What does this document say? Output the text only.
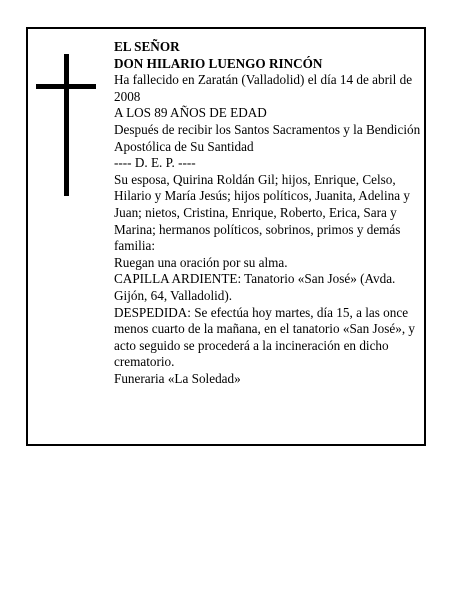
EL SEÑOR

DON HILARIO LUENGO RINCÓN

Ha fallecido en Zaratán (Valladolid) el día 14 de abril de 2008

A LOS 89 AÑOS DE EDAD

Después de recibir los Santos Sacramentos y la Bendición Apostólica de Su Santidad

---- D. E. P. ----

Su esposa, Quirina Roldán Gil; hijos, Enrique, Celso, Hilario y María Jesús; hijos políticos, Juanita, Adelina y Juan; nietos, Cristina, Enrique, Roberto, Erica, Sara y Marina; hermanos políticos, sobrinos, primos y demás familia:

Ruegan una oración por su alma.

CAPILLA ARDIENTE: Tanatorio «San José» (Avda. Gijón, 64, Valladolid).

DESPEDIDA: Se efectúa hoy martes, día 15, a las once menos cuarto de la mañana, en el tanatorio «San José», y acto seguido se procederá a la incineración en dicho crematorio.

Funeraria «La Soledad»
